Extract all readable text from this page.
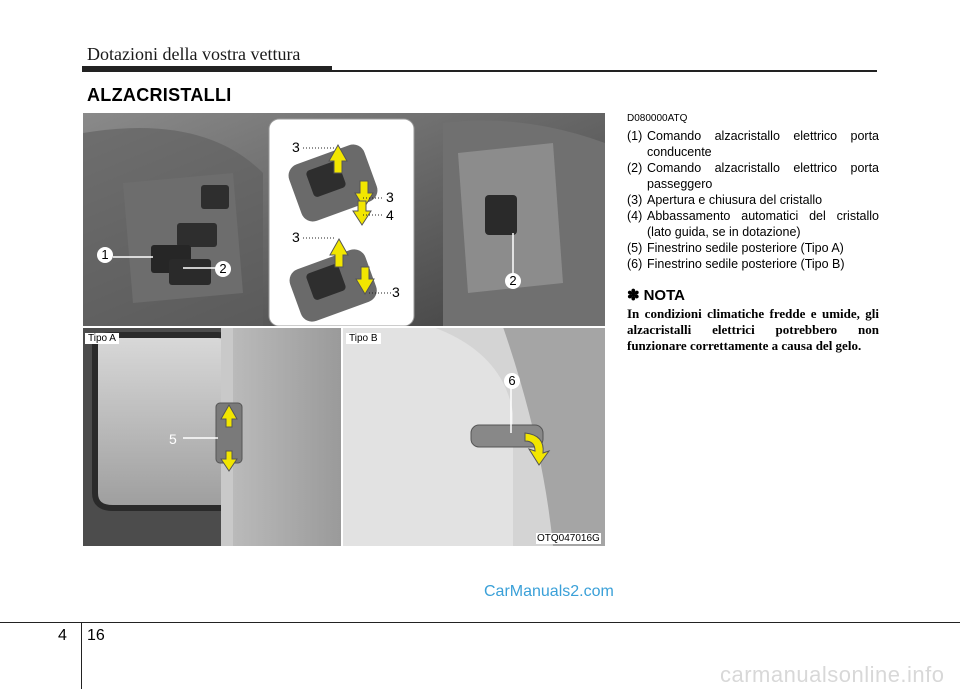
Dotazioni della vostra vettura
ALZACRISTALLI
1
2
3
3
4
3
3
2
5
6
Tipo A	Tipo B
OTQ047016G
D080000ATQ
(1) Comando alzacristallo elettrico porta conducente
(2) Comando alzacristallo elettrico porta passeggero
(3) Apertura e chiusura del cristallo
(4) Abbassamento automatici del cristallo (lato guida, se in dotazione)
(5) Finestrino sedile posteriore (Tipo A)
(6) Finestrino sedile posteriore (Tipo B)
✽ NOTA
In condizioni climatiche fredde e umide, gli alzacristalli elettrici potrebbero non funzionare correttamente a causa del gelo.
CarManuals2.com
4 16
carmanualsonline.info
